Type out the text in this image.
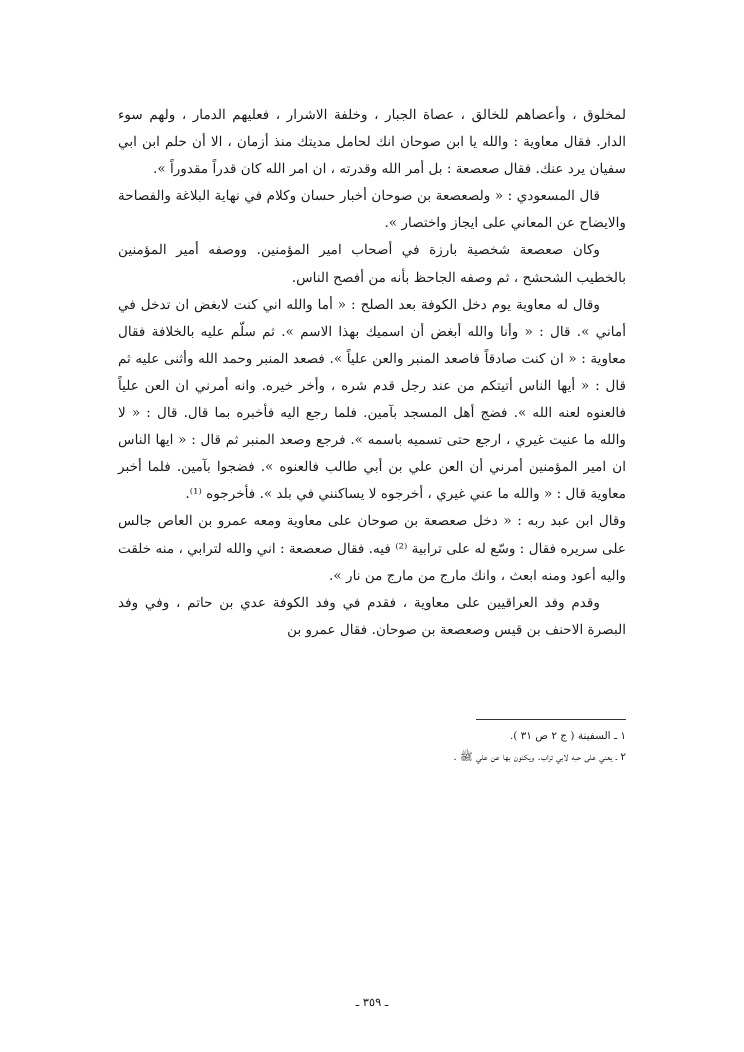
لمخلوق ، وأعصاهم للخالق ، عصاة الجبار ، وخلفة الاشرار ، فعليهم الدمار ، ولهم سوء الدار. فقال معاوية : والله يا ابن صوحان انك لحامل مديتك منذ أزمان ، الا أن حلم ابن ابي سفيان يرد عنك. فقال صعصعة : بل أمر الله وقدرته ، ان امر الله كان قدراً مقدوراً ».

قال المسعودي : « ولصعصعة بن صوحان أخبار حسان وكلام في نهاية البلاغة والفصاحة والايضاح عن المعاني على ايجاز واختصار ».

وكان صعصعة شخصية بارزة في أصحاب امير المؤمنين. ووصفه أمير المؤمنين بالخطيب الشحشح ، ثم وصفه الجاحظ بأنه من أفصح الناس.

وقال له معاوية يوم دخل الكوفة بعد الصلح : « أما والله اني كنت لابغض ان تدخل في أماني ». قال : « وأنا والله أبغض أن اسميك بهذا الاسم ». ثم سلّم عليه بالخلافة فقال معاوية : « ان كنت صادقاً فاصعد المنبر والعن علياً ». فصعد المنبر وحمد الله وأثنى عليه ثم قال : « أيها الناس أتيتكم من عند رجل قدم شره ، وأخر خيره. وانه أمرني ان العن علياً فالعنوه لعنه الله ». فضج أهل المسجد بآمين. فلما رجع اليه فأخبره بما قال. قال : « لا والله ما عنيت غيري ، ارجع حتى تسميه باسمه ». فرجع وصعد المنبر ثم قال : « ايها الناس ان امير المؤمنين أمرني أن العن علي بن أبي طالب فالعنوه ». فضجوا بآمين. فلما أخبر معاوية قال : « والله ما عني غيري ، أخرجوه لا يساكنني في بلد ». فأخرجوه ⁽¹⁾.

وقال ابن عبد ربه : « دخل صعصعة بن صوحان على معاوية ومعه عمرو بن العاص جالس على سريره فقال : وسّع له على ترابية ⁽²⁾ فيه. فقال صعصعة : اني والله لترابي ، منه خلقت واليه أعود ومنه ابعث ، وانك مارج من مارج من نار ».

وقدم وفد العراقيين على معاوية ، فقدم في وفد الكوفة عدي بن حاتم ، وفي وفد البصرة الاحنف بن قيس وصعصعة بن صوحان. فقال عمرو بن

١ ـ السفينة ( ج ٢ ص ٣١ ).

٢ ـ يعني على حبه لابي تراب. ويكنون بها عن علي ﷺ .

ـ ٣٥٩ ـ
